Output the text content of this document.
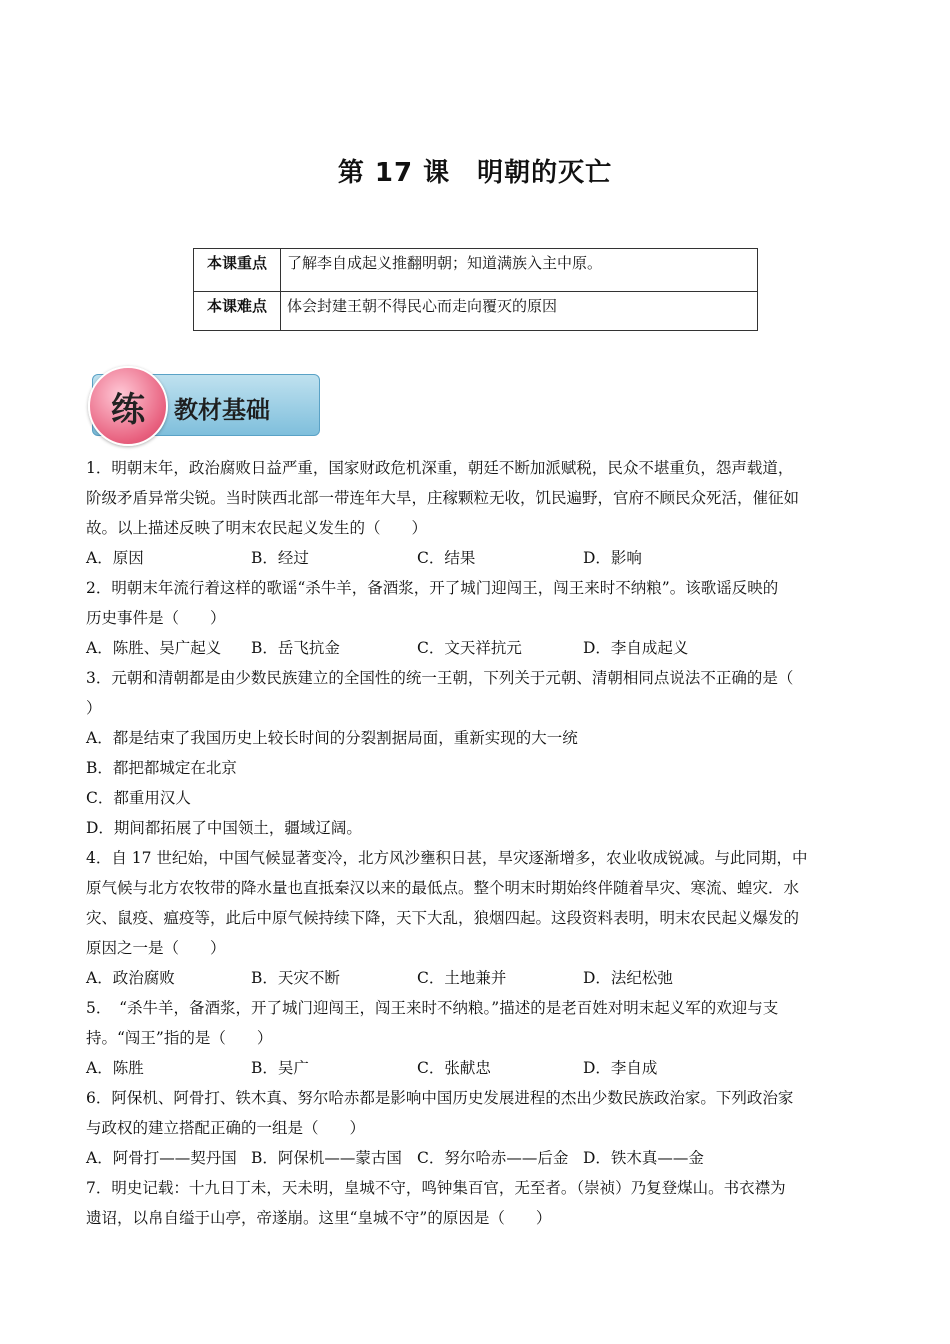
第 17 课　明朝的灭亡
本课重点	了解李自成起义推翻明朝；知道满族入主中原。
本课难点	体会封建王朝不得民心而走向覆灭的原因
练	教材基础
1．明朝末年，政治腐败日益严重，国家财政危机深重，朝廷不断加派赋税，民众不堪重负，怨声载道，
阶级矛盾异常尖锐。当时陕西北部一带连年大旱，庄稼颗粒无收，饥民遍野，官府不顾民众死活，催征如
故。以上描述反映了明末农民起义发生的（　　）
A．原因	B．经过	C．结果	D．影响
2．明朝末年流行着这样的歌谣“杀牛羊，备酒浆，开了城门迎闯王，闯王来时不纳粮”。该歌谣反映的
历史事件是（　　）
A．陈胜、吴广起义 B．岳飞抗金	C．文天祥抗元	D．李自成起义
3．元朝和清朝都是由少数民族建立的全国性的统一王朝，下列关于元朝、清朝相同点说法不正确的是（
）
A．都是结束了我国历史上较长时间的分裂割据局面，重新实现的大一统
B．都把都城定在北京
C．都重用汉人
D．期间都拓展了中国领土，疆域辽阔。
4．自 17 世纪始，中国气候显著变冷，北方风沙壅积日甚，旱灾逐渐增多，农业收成锐减。与此同期，中
原气候与北方农牧带的降水量也直抵秦汉以来的最低点。整个明末时期始终伴随着旱灾、寒流、蝗灾．水
灾、鼠疫、瘟疫等，此后中原气候持续下降，天下大乱，狼烟四起。这段资料表明，明末农民起义爆发的
原因之一是（　　）
A．政治腐败	B．天灾不断	C．土地兼并	D．法纪松弛
5．　“杀牛羊，备酒浆，开了城门迎闯王，闯王来时不纳粮。”描述的是老百姓对明末起义军的欢迎与支
持。“闯王”指的是（　　）
A．陈胜	B．吴广	C．张献忠	D．李自成
6．阿保机、阿骨打、铁木真、努尔哈赤都是影响中国历史发展进程的杰出少数民族政治家。下列政治家
与政权的建立搭配正确的一组是（　　）
A．阿骨打——契丹国 B．阿保机——蒙古国 C．努尔哈赤——后金 D．铁木真——金
7．明史记载：十九日丁未，天未明，皇城不守，鸣钟集百官，无至者。（崇祯）乃复登煤山。书衣襟为
遗诏，以帛自缢于山亭，帝遂崩。这里“皇城不守”的原因是（　　）
